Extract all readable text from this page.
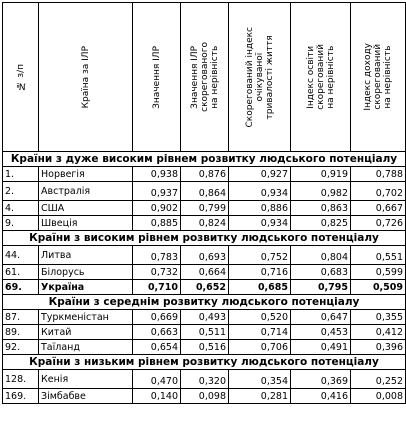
№ з/п	Країна за ІЛР	Значення ІЛР	Значення ІЛР
скорегованого
на нерівність	Скорегований індекс
очікуваної
тривалості життя	Індекс освіти
скорегований
на нерівність	Індекс доходу
скорегований
на нерівність

Країни з дуже високим рівнем розвитку людського потенціалу						
1.	Норвегія	0,938	0,876	0,927	0,919	0,788
2.	Австралія	0,937	0,864	0,934	0,982	0,702
4.	США	0,902	0,799	0,886	0,863	0,667
9.	Швеція	0,885	0,824	0,934	0,825	0,726
Країни з високим рівнем розвитку людського потенціалу						
44.	Литва	0,783	0,693	0,752	0,804	0,551
61.	Білорусь	0,732	0,664	0,716	0,683	0,599
69.	Україна	0,710	0,652	0,685	0,795	0,509
Країни з середнім розвитку людського потенціалу						
87.	Туркменістан	0,669	0,493	0,520	0,647	0,355
89.	Китай	0,663	0,511	0,714	0,453	0,412
92.	Таїланд	0,654	0,516	0,706	0,491	0,396
Країни з низьким рівнем розвитку людського потенціалу						
128.	Кенія	0,470	0,320	0,354	0,369	0,252
169.	Зімбабве	0,140	0,098	0,281	0,416	0,008
